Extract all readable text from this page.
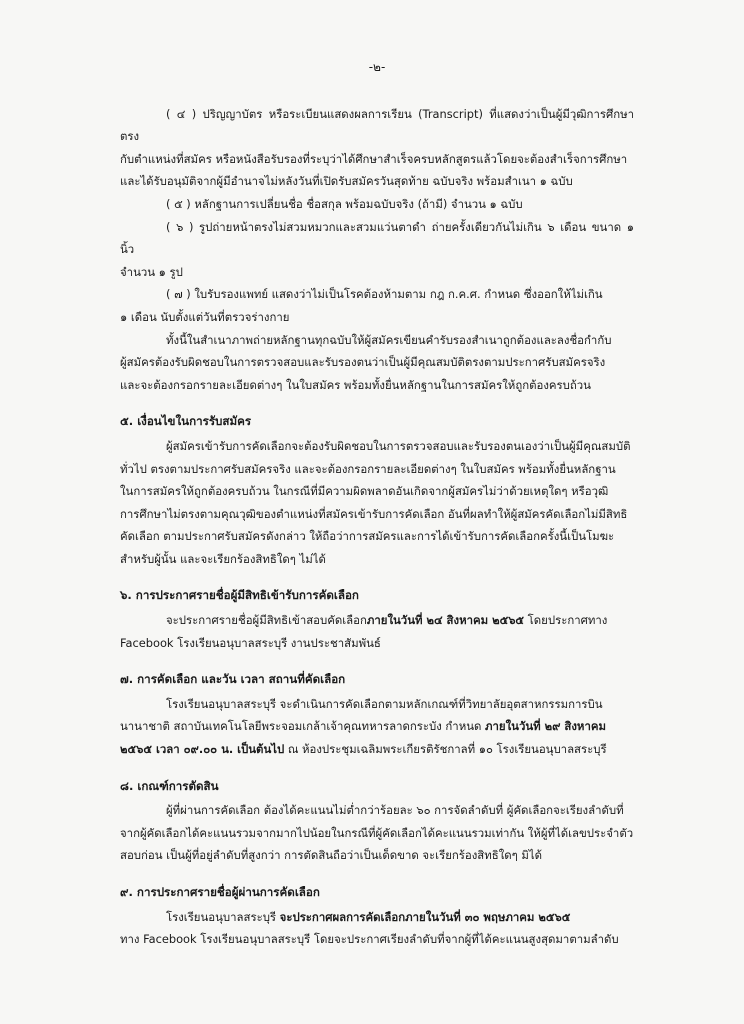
-๒-

( ๔ ) ปริญญาบัตร หรือระเบียนแสดงผลการเรียน (Transcript) ที่แสดงว่าเป็นผู้มีวุฒิการศึกษาตรง

กับตำแหน่งที่สมัคร หรือหนังสือรับรองที่ระบุว่าได้ศึกษาสำเร็จครบหลักสูตรแล้วโดยจะต้องสำเร็จการศึกษา

และได้รับอนุมัติจากผู้มีอำนาจไม่หลังวันที่เปิดรับสมัครวันสุดท้าย ฉบับจริง พร้อมสำเนา ๑ ฉบับ

( ๕ ) หลักฐานการเปลี่ยนชื่อ ชื่อสกุล พร้อมฉบับจริง (ถ้ามี) จำนวน ๑ ฉบับ

( ๖ ) รูปถ่ายหน้าตรงไม่สวมหมวกและสวมแว่นตาดำ ถ่ายครั้งเดียวกันไม่เกิน ๖ เดือน ขนาด ๑ นิ้ว

จำนวน ๑ รูป

( ๗ ) ใบรับรองแพทย์ แสดงว่าไม่เป็นโรคต้องห้ามตาม กฎ ก.ค.ศ. กำหนด ซึ่งออกให้ไม่เกิน

๑ เดือน นับตั้งแต่วันที่ตรวจร่างกาย

ทั้งนี้ในสำเนาภาพถ่ายหลักฐานทุกฉบับให้ผู้สมัครเขียนคำรับรองสำเนาถูกต้องและลงชื่อกำกับ

ผู้สมัครต้องรับผิดชอบในการตรวจสอบและรับรองตนว่าเป็นผู้มีคุณสมบัติตรงตามประกาศรับสมัครจริง

และจะต้องกรอกรายละเอียดต่างๆ ในใบสมัคร พร้อมทั้งยื่นหลักฐานในการสมัครให้ถูกต้องครบถ้วน

๕. เงื่อนไขในการรับสมัคร

ผู้สมัครเข้ารับการคัดเลือกจะต้องรับผิดชอบในการตรวจสอบและรับรองตนเองว่าเป็นผู้มีคุณสมบัติ

ทั่วไป ตรงตามประกาศรับสมัครจริง และจะต้องกรอกรายละเอียดต่างๆ ในใบสมัคร พร้อมทั้งยื่นหลักฐาน

ในการสมัครให้ถูกต้องครบถ้วน ในกรณีที่มีความผิดพลาดอันเกิดจากผู้สมัครไม่ว่าด้วยเหตุใดๆ หรือวุฒิ

การศึกษาไม่ตรงตามคุณวุฒิของตำแหน่งที่สมัครเข้ารับการคัดเลือก อันที่ผลทำให้ผู้สมัครคัดเลือกไม่มีสิทธิ

คัดเลือก ตามประกาศรับสมัครดังกล่าว ให้ถือว่าการสมัครและการได้เข้ารับการคัดเลือกครั้งนี้เป็นโมฆะ

สำหรับผู้นั้น และจะเรียกร้องสิทธิใดๆ ไม่ได้

๖. การประกาศรายชื่อผู้มีสิทธิเข้ารับการคัดเลือก

จะประกาศรายชื่อผู้มีสิทธิเข้าสอบคัดเลือกภายในวันที่ ๒๔ สิงหาคม ๒๕๖๕ โดยประกาศทาง

Facebook โรงเรียนอนุบาลสระบุรี งานประชาสัมพันธ์

๗. การคัดเลือก และวัน เวลา สถานที่คัดเลือก

โรงเรียนอนุบาลสระบุรี จะดำเนินการคัดเลือกตามหลักเกณฑ์ที่วิทยาลัยอุตสาหกรรมการบิน

นานาชาติ สถาบันเทคโนโลยีพระจอมเกล้าเจ้าคุณทหารลาดกระบัง กำหนด ภายในวันที่ ๒๙ สิงหาคม

๒๕๖๕ เวลา ๐๙.๐๐ น. เป็นต้นไป ณ ห้องประชุมเฉลิมพระเกียรติรัชกาลที่ ๑๐ โรงเรียนอนุบาลสระบุรี

๘. เกณฑ์การตัดสิน

ผู้ที่ผ่านการคัดเลือก ต้องได้คะแนนไม่ต่ำกว่าร้อยละ ๖๐ การจัดลำดับที่ ผู้คัดเลือกจะเรียงลำดับที่

จากผู้คัดเลือกได้คะแนนรวมจากมากไปน้อยในกรณีที่ผู้คัดเลือกได้คะแนนรวมเท่ากัน ให้ผู้ที่ได้เลขประจำตัว

สอบก่อน เป็นผู้ที่อยู่ลำดับที่สูงกว่า การตัดสินถือว่าเป็นเด็ดขาด จะเรียกร้องสิทธิใดๆ มิได้

๙. การประกาศรายชื่อผู้ผ่านการคัดเลือก

โรงเรียนอนุบาลสระบุรี จะประกาศผลการคัดเลือกภายในวันที่ ๓๐ พฤษภาคม ๒๕๖๕

ทาง Facebook โรงเรียนอนุบาลสระบุรี โดยจะประกาศเรียงลำดับที่จากผู้ที่ได้คะแนนสูงสุดมาตามลำดับ
